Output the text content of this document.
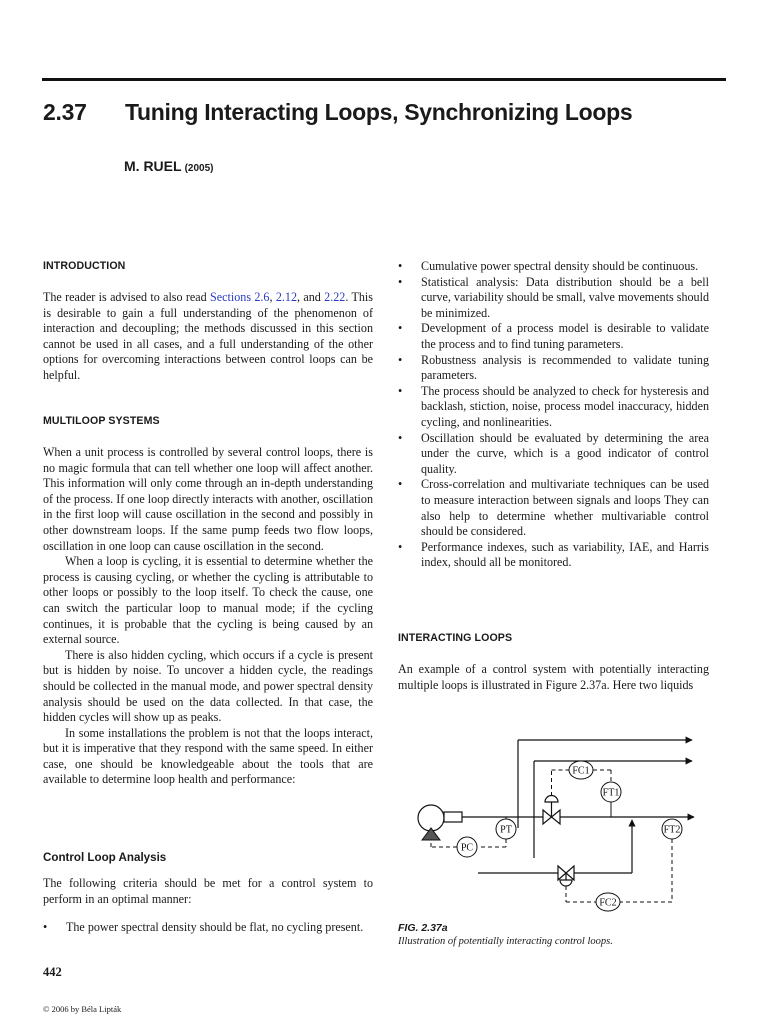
2.37 Tuning Interacting Loops, Synchronizing Loops
M. RUEL (2005)
INTRODUCTION

The reader is advised to also read Sections 2.6, 2.12, and 2.22. This is desirable to gain a full understanding of the phenomenon of interaction and decoupling; the methods discussed in this section cannot be used in all cases, and a full understanding of the other options for overcoming interactions between control loops can be helpful.

MULTILOOP SYSTEMS

When a unit process is controlled by several control loops, there is no magic formula that can tell whether one loop will affect another. This information will only come through an in-depth understanding of the process. If one loop directly interacts with another, oscillation in the first loop will cause oscillation in the second and possibly in other downstream loops. If the same pump feeds two flow loops, oscillation in one loop can cause oscillation in the second.

When a loop is cycling, it is essential to determine whether the process is causing cycling, or whether the cycling is attributable to other loops or possibly to the loop itself. To check the cause, one can switch the particular loop to manual mode; if the cycling continues, it is probable that the cycling is being caused by an external source.

There is also hidden cycling, which occurs if a cycle is present but is hidden by noise. To uncover a hidden cycle, the readings should be collected in the manual mode, and power spectral density analysis should be used on the data collected. In that case, the hidden cycles will show up as peaks.

In some installations the problem is not that the loops interact, but it is imperative that they respond with the same speed. In either case, one should be knowledgeable about the tools that are available to determine loop health and performance:

Control Loop Analysis

The following criteria should be met for a control system to perform in an optimal manner:

• The power spectral density should be flat, no cycling present.
• Cumulative power spectral density should be continuous.
• Statistical analysis: Data distribution should be a bell curve, variability should be small, valve movements should be minimized.
• Development of a process model is desirable to validate the process and to find tuning parameters.
• Robustness analysis is recommended to validate tuning parameters.
• The process should be analyzed to check for hysteresis and backlash, stiction, noise, process model inaccuracy, hidden cycling, and nonlinearities.
• Oscillation should be evaluated by determining the area under the curve, which is a good indicator of control quality.
• Cross-correlation and multivariate techniques can be used to measure interaction between signals and loops They can also help to determine whether multivariable control should be considered.
• Performance indexes, such as variability, IAE, and Harris index, should all be monitored.
INTERACTING LOOPS

An example of a control system with potentially interacting multiple loops is illustrated in Figure 2.37a. Here two liquids

FC1
FT1
PT
PC
FT2
FC2
FIG. 2.37a
Illustration of potentially interacting control loops.
442
© 2006 by Béla Lipták
